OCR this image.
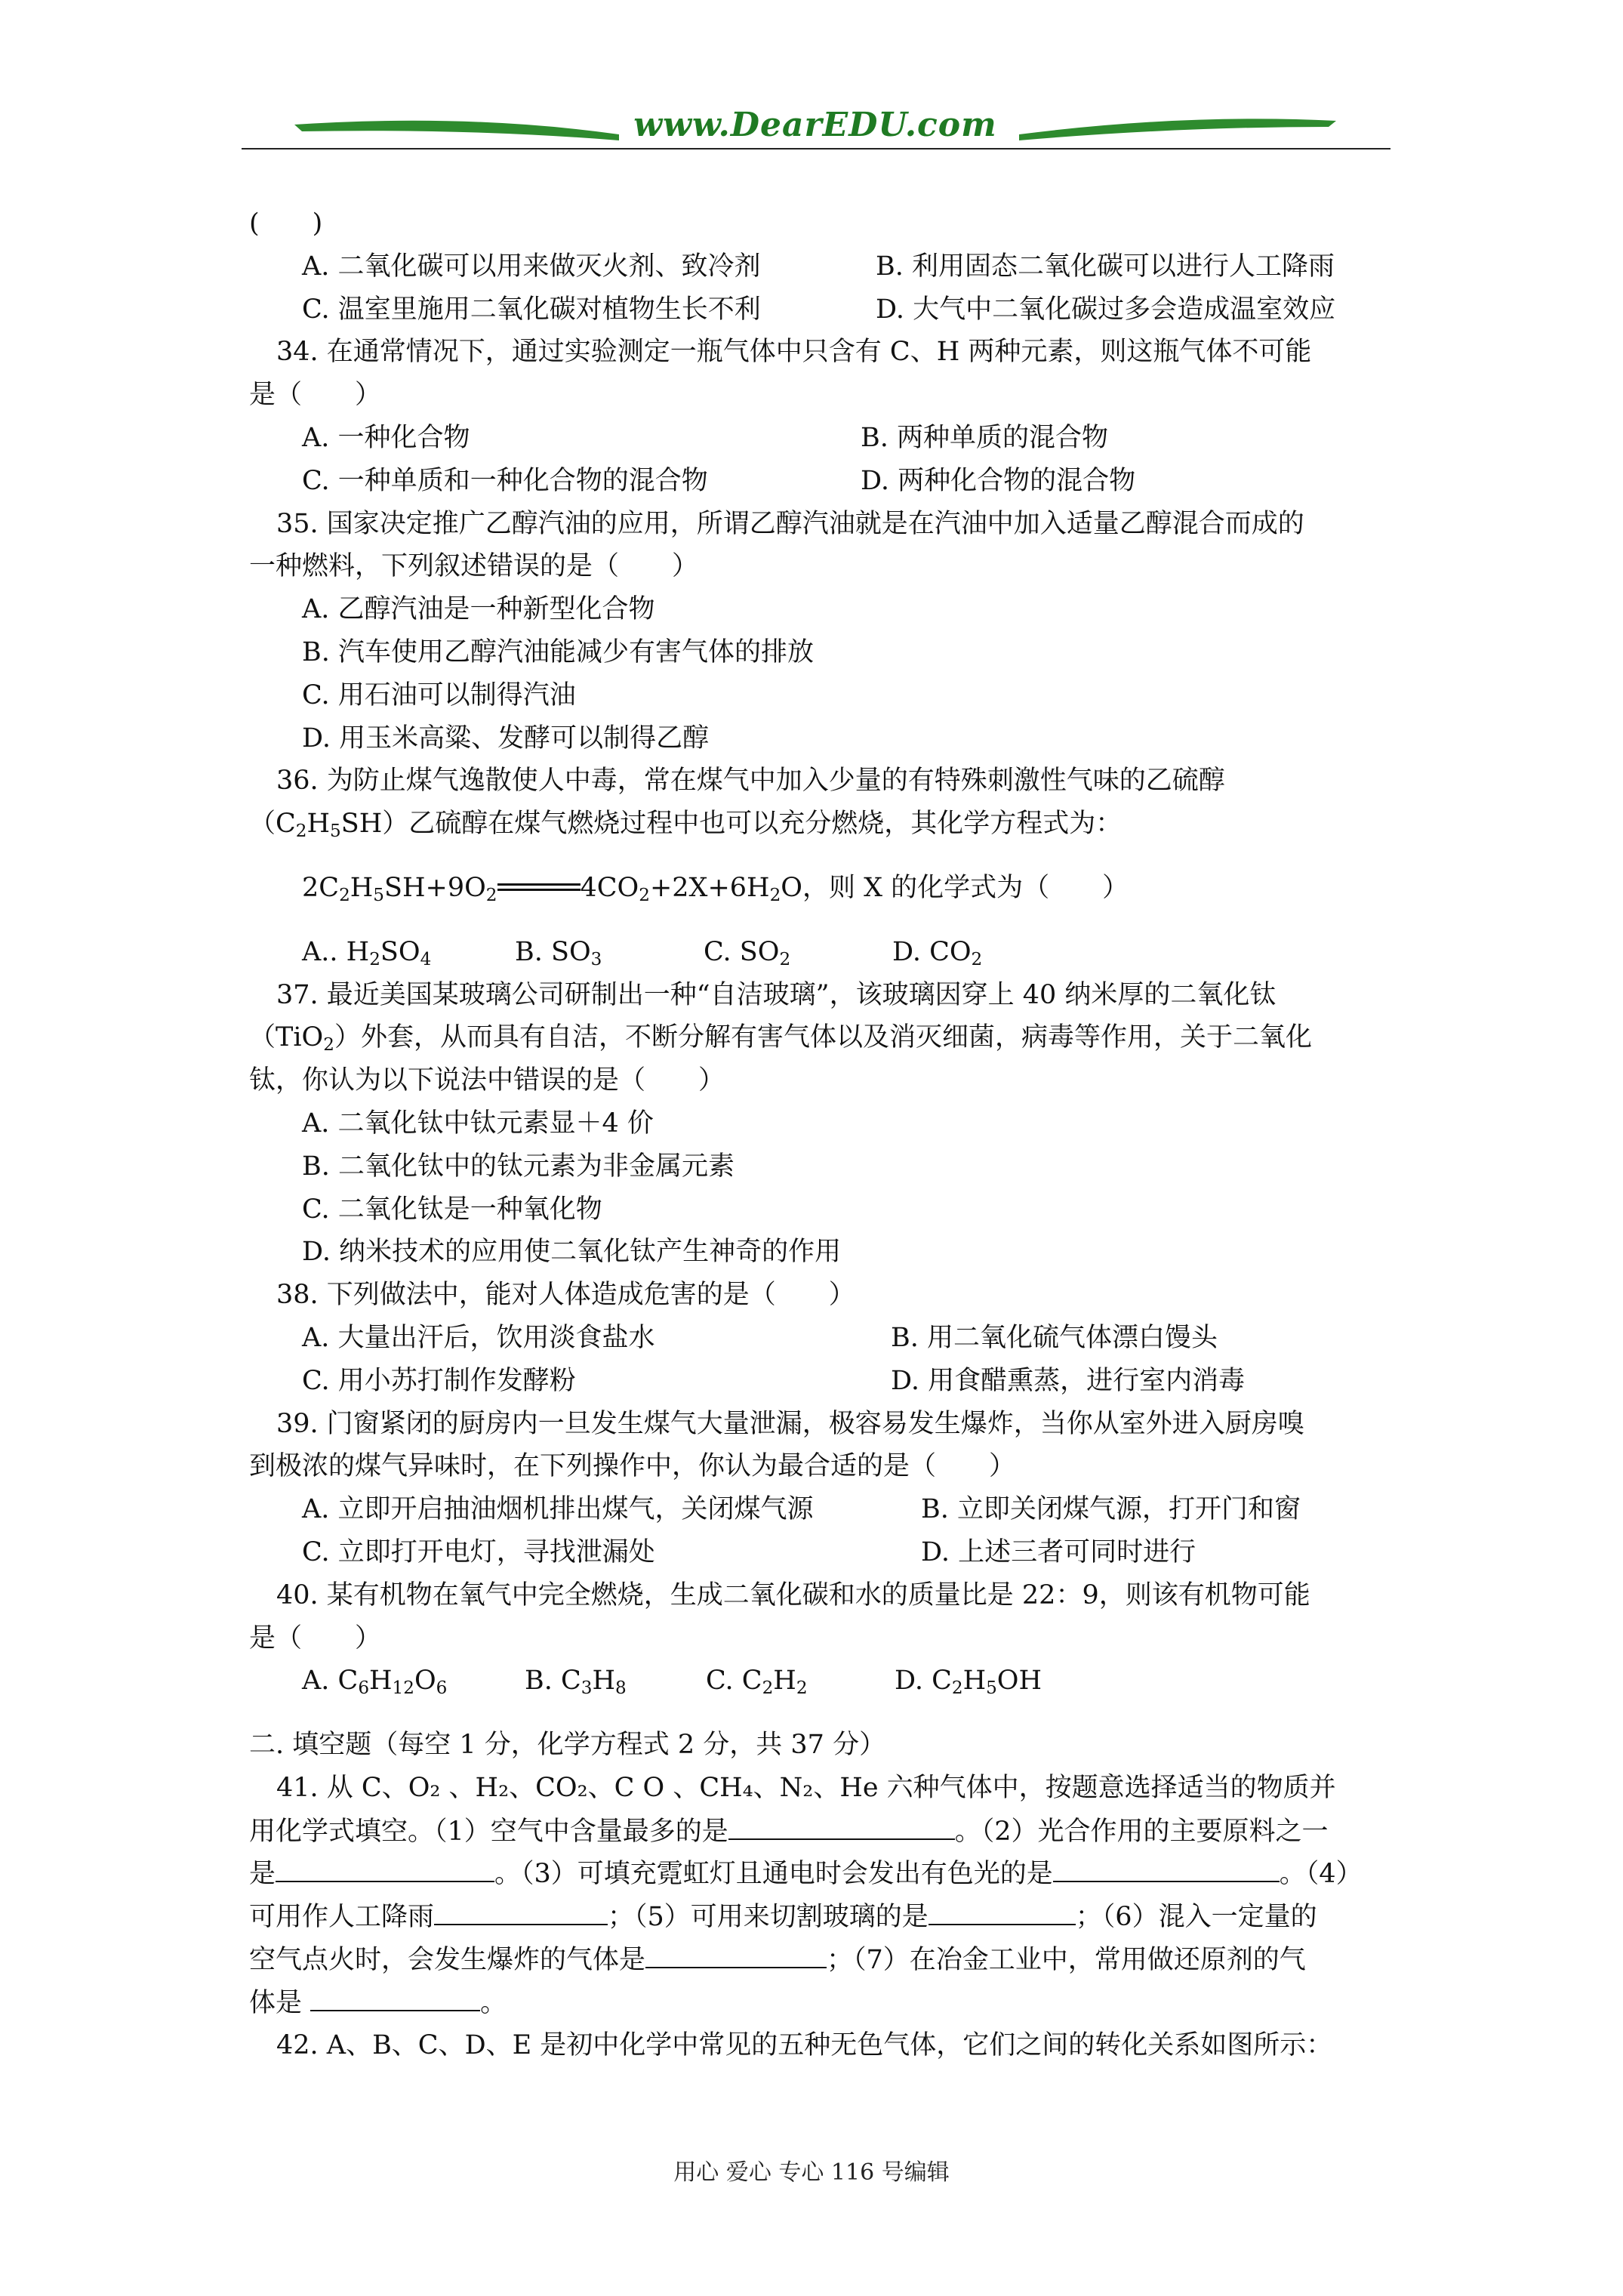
www.DearEDU.com
(　　)
A. 二氧化碳可以用来做灭火剂、致冷剂	B. 利用固态二氧化碳可以进行人工降雨
C. 温室里施用二氧化碳对植物生长不利	D. 大气中二氧化碳过多会造成温室效应
34. 在通常情况下，通过实验测定一瓶气体中只含有 C、H 两种元素，则这瓶气体不可能
是（　　）
A. 一种化合物	B. 两种单质的混合物
C. 一种单质和一种化合物的混合物	D. 两种化合物的混合物
35. 国家决定推广乙醇汽油的应用，所谓乙醇汽油就是在汽油中加入适量乙醇混合而成的
一种燃料，下列叙述错误的是（　　）
A. 乙醇汽油是一种新型化合物
B. 汽车使用乙醇汽油能减少有害气体的排放
C. 用石油可以制得汽油
D. 用玉米高粱、发酵可以制得乙醇
36. 为防止煤气逸散使人中毒，常在煤气中加入少量的有特殊刺激性气味的乙硫醇
$(C_2H_5SH)$乙硫醇在煤气燃烧过程中也可以充分燃烧，其化学方程式为：
$2C_2H_5SH+9O_2$	$4CO_2+2X+6H_2O$，则 X 的化学式为（　　）
A.. $H_2SO_4$	B. $SO_3$	C. $SO_2$	D. $CO_2$
37. 最近美国某玻璃公司研制出一种“自洁玻璃”，该玻璃因穿上 40 纳米厚的二氧化钛
（TiO$_2$）外套，从而具有自洁，不断分解有害气体以及消灭细菌，病毒等作用，关于二氧化
钛，你认为以下说法中错误的是（　　）
A. 二氧化钛中钛元素显＋4 价
B. 二氧化钛中的钛元素为非金属元素
C. 二氧化钛是一种氧化物
D. 纳米技术的应用使二氧化钛产生神奇的作用
38. 下列做法中，能对人体造成危害的是（　　）
A. 大量出汗后，饮用淡食盐水	B. 用二氧化硫气体漂白馒头
C. 用小苏打制作发酵粉	D. 用食醋熏蒸，进行室内消毒
39. 门窗紧闭的厨房内一旦发生煤气大量泄漏，极容易发生爆炸，当你从室外进入厨房嗅
到极浓的煤气异味时，在下列操作中，你认为最合适的是（　　）
A. 立即开启抽油烟机排出煤气，关闭煤气源	B. 立即关闭煤气源，打开门和窗
C. 立即打开电灯，寻找泄漏处	D. 上述三者可同时进行
40. 某有机物在氧气中完全燃烧，生成二氧化碳和水的质量比是 22：9，则该有机物可能
是（　　）
A. $C_6H_{12}O_6$	B. $C_3H_8$	C. $C_2H_2$	D. $C_2H_5OH$
二. 填空题（每空 1 分，化学方程式 2 分，共 37 分）
41. 从 C、O₂ 、H₂、CO₂、C O 、CH₄、N₂、He 六种气体中，按题意选择适当的物质并
用化学式填空。（1）空气中含量最多的是	。（2）光合作用的主要原料之一
是	。（3）可填充霓虹灯且通电时会发出有色光的是	。（4）
可用作人工降雨	；（5）可用来切割玻璃的是	；（6）混入一定量的
空气点火时，会发生爆炸的气体是	；（7）在冶金工业中，常用做还原剂的气
体是	。
42. A、B、C、D、E 是初中化学中常见的五种无色气体，它们之间的转化关系如图所示：
用心 爱心 专心 116 号编辑
